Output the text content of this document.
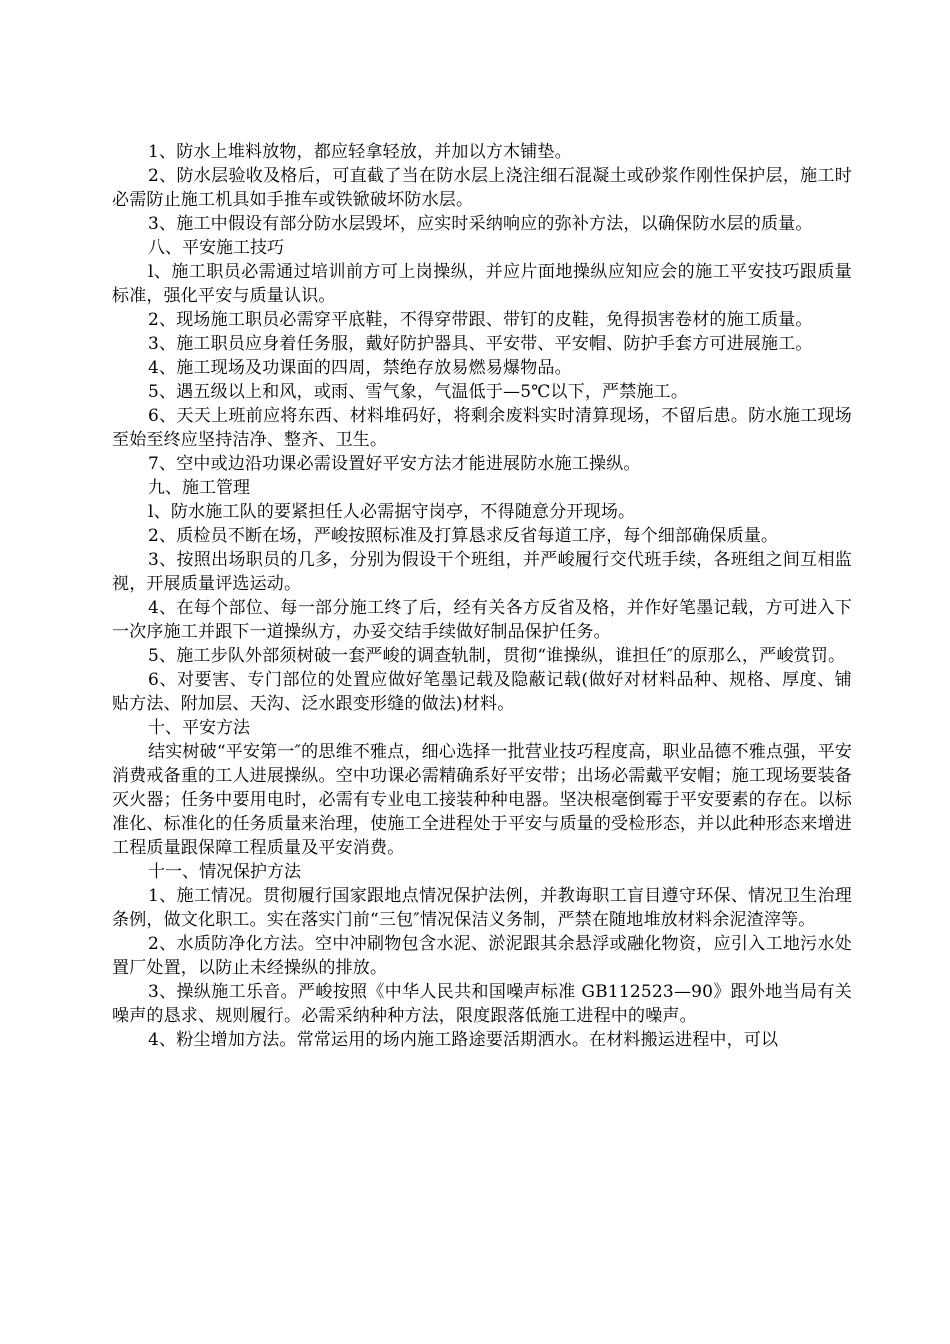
1、防水上堆料放物，都应轻拿轻放，并加以方木铺垫。

2、防水层验收及格后，可直截了当在防水层上浇注细石混凝土或砂浆作刚性保护层，施工时必需防止施工机具如手推车或铁锨破坏防水层。

3、施工中假设有部分防水层毁坏，应实时采纳响应的弥补方法，以确保防水层的质量。

八、平安施工技巧

l、施工职员必需通过培训前方可上岗操纵，并应片面地操纵应知应会的施工平安技巧跟质量标准，强化平安与质量认识。

2、现场施工职员必需穿平底鞋，不得穿带跟、带钉的皮鞋，免得损害卷材的施工质量。

3、施工职员应身着任务服，戴好防护器具、平安带、平安帽、防护手套方可进展施工。

4、施工现场及功课面的四周，禁绝存放易燃易爆物品。

5、遇五级以上和风，或雨、雪气象，气温低于—5℃以下，严禁施工。

6、天天上班前应将东西、材料堆码好，将剩余废料实时清算现场，不留后患。防水施工现场至始至终应坚持洁净、整齐、卫生。

7、空中或边沿功课必需设置好平安方法才能进展防水施工操纵。

九、施工管理

l、防水施工队的要紧担任人必需据守岗亭，不得随意分开现场。

2、质检员不断在场，严峻按照标准及打算恳求反省每道工序，每个细部确保质量。

3、按照出场职员的几多，分别为假设干个班组，并严峻履行交代班手续，各班组之间互相监视，开展质量评选运动。

4、在每个部位、每一部分施工终了后，经有关各方反省及格，并作好笔墨记载，方可进入下一次序施工并跟下一道操纵方，办妥交结手续做好制品保护任务。

5、施工步队外部须树破一套严峻的调查轨制，贯彻“谁操纵，谁担任″的原那么，严峻赏罚。

6、对要害、专门部位的处置应做好笔墨记载及隐蔽记载(做好对材料品种、规格、厚度、铺贴方法、附加层、天沟、泛水跟变形缝的做法)材料。

十、平安方法

结实树破“平安第一″的思维不雅点，细心选择一批营业技巧程度高，职业品德不雅点强，平安消费戒备重的工人进展操纵。空中功课必需精确系好平安带；出场必需戴平安帽；施工现场要装备灭火器；任务中要用电时，必需有专业电工接装种种电器。坚决根毫倒霉于平安要素的存在。以标准化、标准化的任务质量来治理，使施工全进程处于平安与质量的受检形态，并以此种形态来增进工程质量跟保障工程质量及平安消费。

十一、情况保护方法

1、施工情况。贯彻履行国家跟地点情况保护法例，并教诲职工盲目遵守环保、情况卫生治理条例，做文化职工。实在落实门前“三包″情况保洁义务制，严禁在随地堆放材料余泥渣滓等。

2、水质防净化方法。空中冲刷物包含水泥、淤泥跟其余悬浮或融化物资，应引入工地污水处置厂处置，以防止未经操纵的排放。

3、操纵施工乐音。严峻按照《中华人民共和国噪声标准 GB112523—90》跟外地当局有关噪声的恳求、规则履行。必需采纳种种方法，限度跟落低施工进程中的噪声。

4、粉尘增加方法。常常运用的场内施工路途要活期洒水。在材料搬运进程中，可以
